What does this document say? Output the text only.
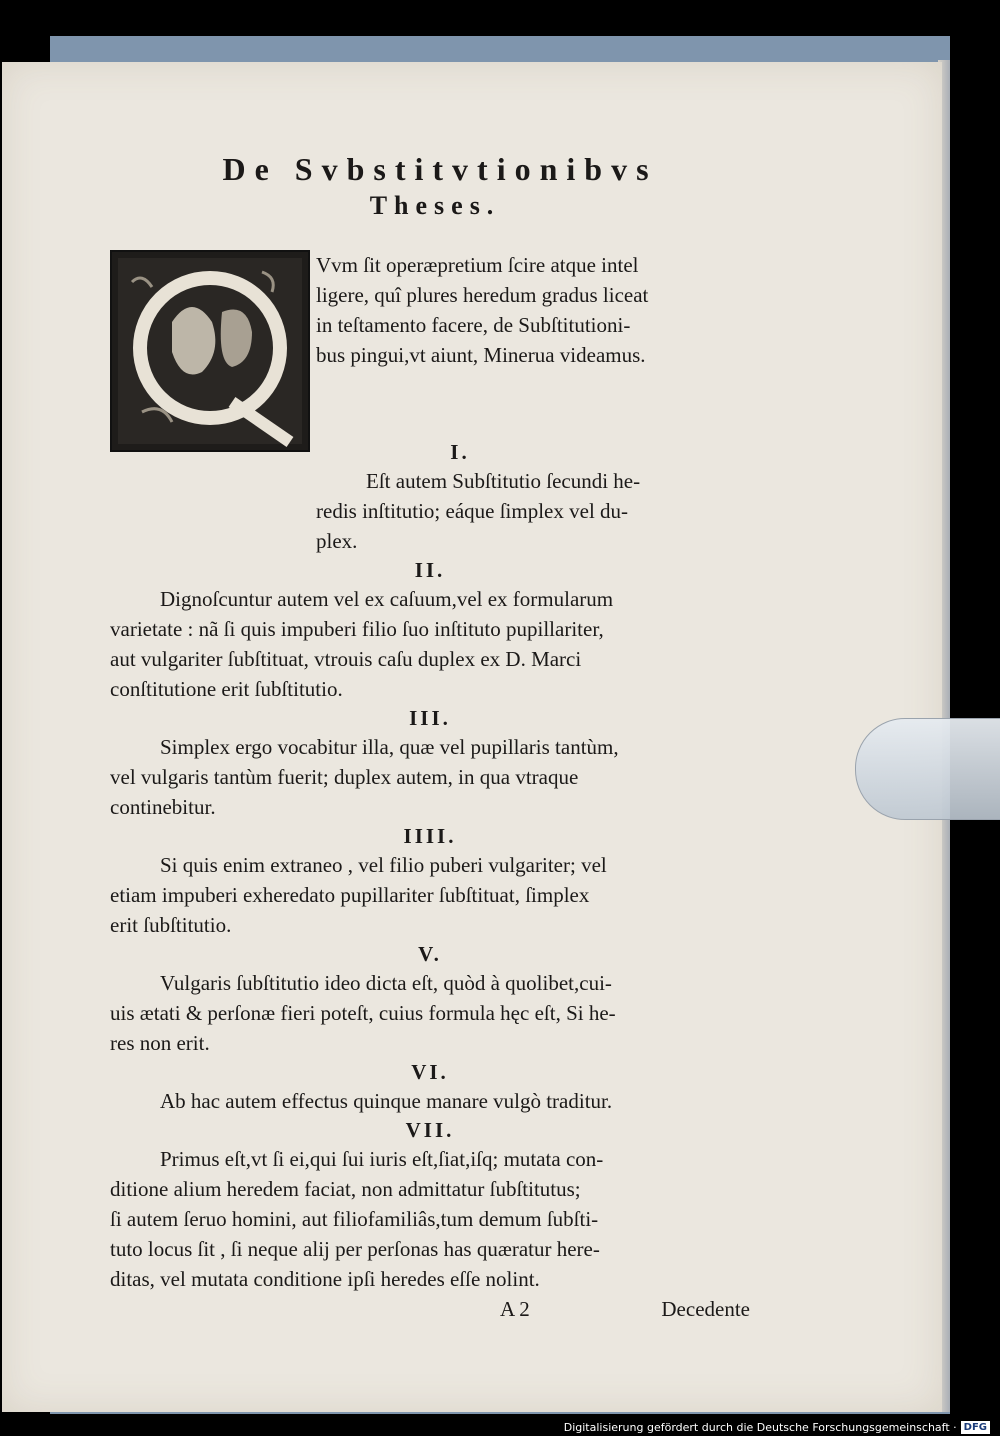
De Svbstitvtionibvs
Theses.
Vvm ſit operæpretium ſcire atque intel
ligere, quî plures heredum gradus liceat
in teſtamento facere, de Subſtitutioni-
bus pingui,vt aiunt, Minerua videamus.
I.

Eſt autem Subſtitutio ſecundi he-

redis inſtitutio; eáque ſimplex vel du-

plex.

II.

Dignoſcuntur autem vel ex caſuum,vel ex formularum

varietate : nã ſi quis impuberi filio ſuo inſtituto pupillariter,

aut vulgariter ſubſtituat, vtrouis caſu duplex ex D. Marci

conſtitutione erit ſubſtitutio.

III.

Simplex ergo vocabitur illa, quæ vel pupillaris tantùm,

vel vulgaris tantùm fuerit; duplex autem, in qua vtraque

continebitur.

IIII.

Si quis enim extraneo , vel filio puberi vulgariter; vel

etiam impuberi exheredato pupillariter ſubſtituat, ſimplex

erit ſubſtitutio.

V.

Vulgaris ſubſtitutio ideo dicta eſt, quòd à quolibet,cui-

uis ætati & perſonæ fieri poteſt, cuius formula hęc eſt, Si he-

res non erit.

VI.

Ab hac autem effectus quinque manare vulgò traditur.

VII.

Primus eſt,vt ſi ei,qui ſui iuris eſt,ſiat,iſq; mutata con-

ditione alium heredem faciat, non admittatur ſubſtitutus;

ſi autem ſeruo homini, aut filiofamiliâs,tum demum ſubſti-

tuto locus ſit , ſi neque alij per perſonas has quæratur here-

ditas, vel mutata conditione ipſi heredes eſſe nolint.

A 2	Decedente
Digitalisierung gefördert durch die Deutsche Forschungsgemeinschaft · DFG
